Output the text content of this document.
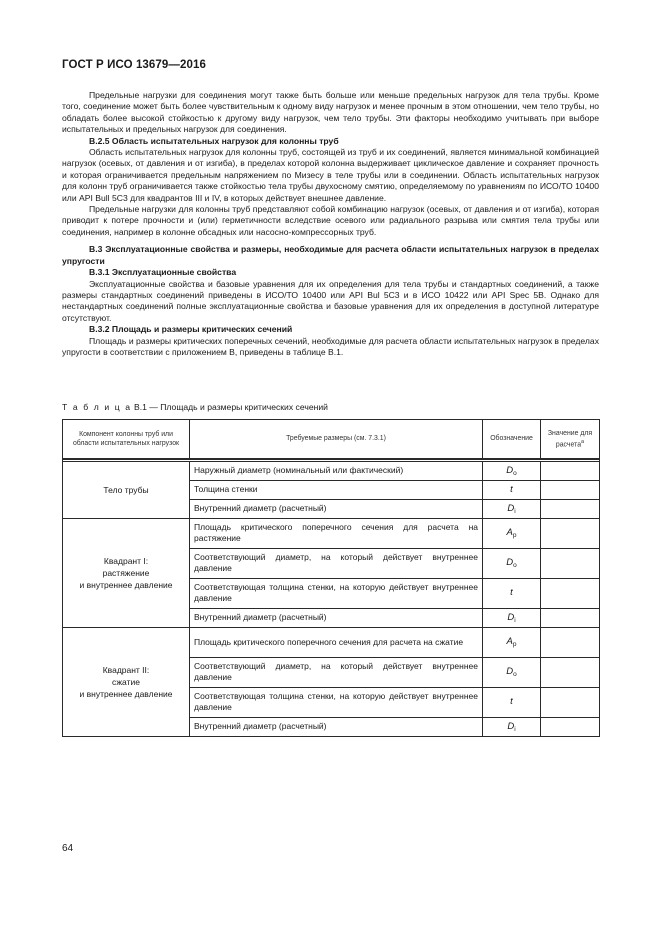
ГОСТ Р ИСО 13679—2016

Предельные нагрузки для соединения могут также быть больше или меньше предельных нагрузок для тела трубы. Кроме того, соединение может быть более чувствительным к одному виду нагрузок и менее прочным в этом отношении, чем тело трубы, но обладать более высокой стойкостью к другому виду нагрузок, чем тело трубы. Эти факторы необходимо учитывать при выборе испытательных и предельных нагрузок для соединения.

В.2.5 Область испытательных нагрузок для колонны труб

Область испытательных нагрузок для колонны труб, состоящей из труб и их соединений, является минимальной комбинацией нагрузок (осевых, от давления и от изгиба), в пределах которой колонна выдерживает циклическое давление и сохраняет прочность и которая ограничивается предельным напряжением по Мизесу в теле трубы или в соединении. Область испытательных нагрузок для колонн труб ограничивается также стойкостью тела трубы двухосному смятию, определяемому по уравнениям по ИСО/ТО 10400 или API Bull 5C3 для квадрантов III и IV, в которых действует внешнее давление.

Предельные нагрузки для колонны труб представляют собой комбинацию нагрузок (осевых, от давления и от изгиба), которая приводит к потере прочности и (или) герметичности вследствие осевого или радиального разрыва или смятия тела трубы или соединения, например в колонне обсадных или насосно-компрессорных труб.

В.3 Эксплуатационные свойства и размеры, необходимые для расчета области испытательных нагрузок в пределах упругости

В.3.1 Эксплуатационные свойства

Эксплуатационные свойства и базовые уравнения для их определения для тела трубы и стандартных соединений, а также размеры стандартных соединений приведены в ИСО/ТО 10400 или API Bul 5C3 и в ИСО 10422 или API Spec 5B. Однако для нестандартных соединений полные эксплуатационные свойства и базовые уравнения для их определения в доступной литературе отсутствуют.

В.3.2 Площадь и размеры критических сечений

Площадь и размеры критических поперечных сечений, необходимые для расчета области испытательных нагрузок в пределах упругости в соответствии с приложением В, приведены в таблице В.1.

Т а б л и ц а В.1 — Площадь и размеры критических сечений
Компонент колонны труб или области испытательных нагрузок	Требуемые размеры (см. 7.3.1)	Обозначение	Значение для расчета$^a$

Тело трубы	Наружный диаметр (номинальный или фактический)	$D_o$	
	Толщина стенки	t	
	Внутренний диаметр (расчетный)	$D_i$	

Квадрант I:
растяжение
и внутреннее давление	Площадь критического поперечного сечения для расчета на растяжение	$A_p$	
	Соответствующий диаметр, на который действует внутреннее давление	$D_o$	
	Соответствующая толщина стенки, на которую действует внутреннее давление	t	
	Внутренний диаметр (расчетный)	$D_i$	

Квадрант II:
сжатие
и внутреннее давление	Площадь критического поперечного сечения для расчета на сжатие	$A_p$	
	Соответствующий диаметр, на который действует внутреннее давление	$D_o$	
	Соответствующая толщина стенки, на которую действует внутреннее давление	t	
	Внутренний диаметр (расчетный)	$D_i$	
64
